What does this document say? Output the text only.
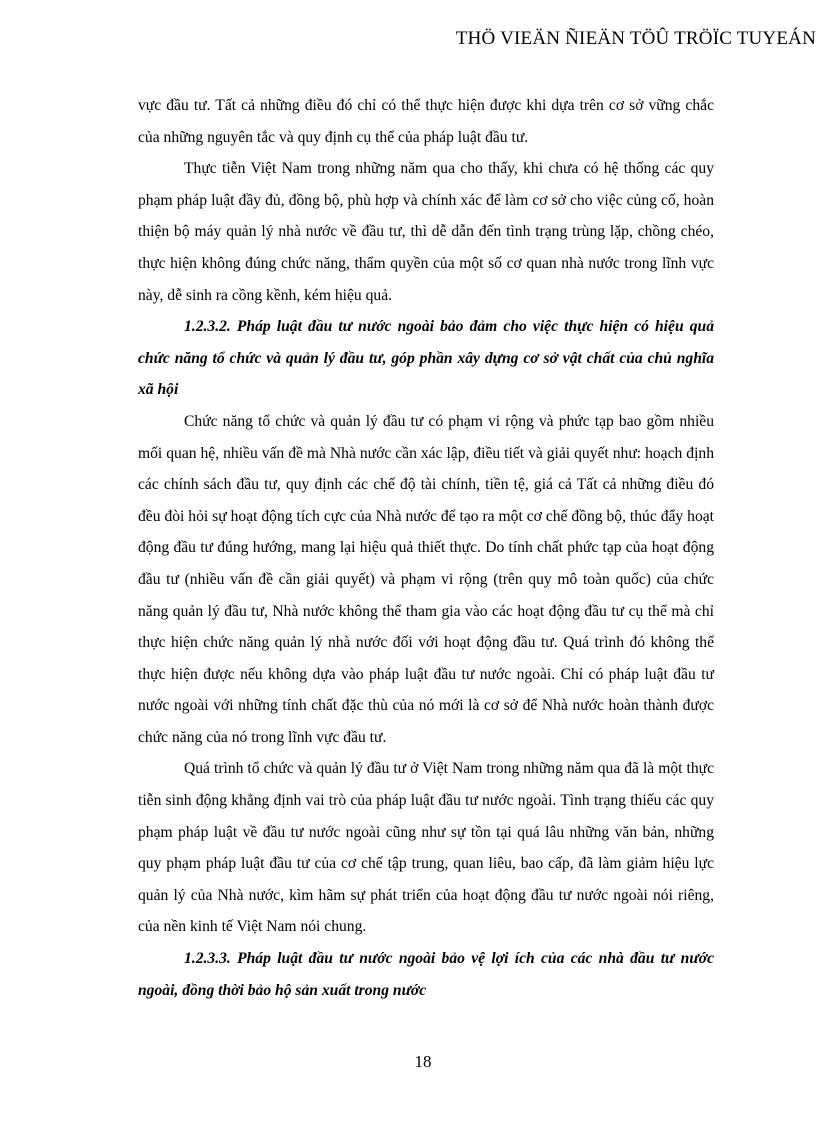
THÖ VIEÄN ÑIEÄN TÖÛ TRÖÏC TUYEÁN

vực đầu tư. Tất cả những điều đó chỉ có thể thực hiện được khi dựa trên cơ sở vững chắc của những nguyên tắc và quy định cụ thể của pháp luật đầu tư.

Thực tiễn Việt Nam trong những năm qua cho thấy, khi chưa có hệ thống các quy phạm pháp luật đầy đủ, đồng bộ, phù hợp và chính xác để làm cơ sở cho việc củng cố, hoàn thiện bộ máy quản lý nhà nước về đầu tư, thì dễ dẫn đến tình trạng trùng lặp, chồng chéo, thực hiện không đúng chức năng, thẩm quyền của một số cơ quan nhà nước trong lĩnh vực này, dễ sinh ra cồng kềnh, kém hiệu quả.

1.2.3.2. Pháp luật đầu tư nước ngoài bảo đảm cho việc thực hiện có hiệu quả chức năng tổ chức và quản lý đầu tư, góp phần xây dựng cơ sở vật chất của chủ nghĩa xã hội

Chức năng tổ chức và quản lý đầu tư có phạm vi rộng và phức tạp bao gồm nhiều mối quan hệ, nhiều vấn đề mà Nhà nước cần xác lập, điều tiết và giải quyết như: hoạch định các chính sách đầu tư, quy định các chế độ tài chính, tiền tệ, giá cả Tất cả những điều đó đều đòi hỏi sự hoạt động tích cực của Nhà nước để tạo ra một cơ chế đồng bộ, thúc đẩy hoạt động đầu tư đúng hướng, mang lại hiệu quả thiết thực. Do tính chất phức tạp của hoạt động đầu tư (nhiều vấn đề cần giải quyết) và phạm vi rộng (trên quy mô toàn quốc) của chức năng quản lý đầu tư, Nhà nước không thể tham gia vào các hoạt động đầu tư cụ thể mà chỉ thực hiện chức năng quản lý nhà nước đối với hoạt động đầu tư. Quá trình đó không thể thực hiện được nếu không dựa vào pháp luật đầu tư nước ngoài. Chỉ có pháp luật đầu tư nước ngoài với những tính chất đặc thù của nó mới là cơ sở để Nhà nước hoàn thành được chức năng của nó trong lĩnh vực đầu tư.

Quá trình tổ chức và quản lý đầu tư ở Việt Nam trong những năm qua đã là một thực tiễn sinh động khẳng định vai trò của pháp luật đầu tư nước ngoài. Tình trạng thiếu các quy phạm pháp luật về đầu tư nước ngoài cũng như sự tồn tại quá lâu những văn bản, những quy phạm pháp luật đầu tư của cơ chế tập trung, quan liêu, bao cấp, đã làm giảm hiệu lực quản lý của Nhà nước, kìm hãm sự phát triển của hoạt động đầu tư nước ngoài nói riêng, của nền kinh tế Việt Nam nói chung.

1.2.3.3. Pháp luật đầu tư nước ngoài bảo vệ lợi ích của các nhà đầu tư nước ngoài, đồng thời bảo hộ sản xuất trong nước

18
